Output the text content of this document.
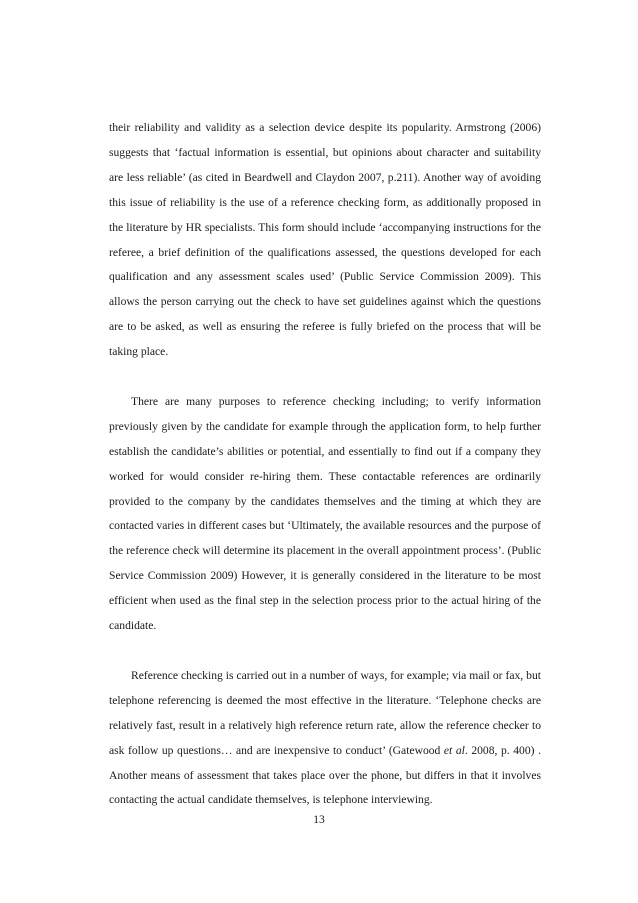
their reliability and validity as a selection device despite its popularity. Armstrong (2006) suggests that ‘factual information is essential, but opinions about character and suitability are less reliable’ (as cited in Beardwell and Claydon 2007, p.211). Another way of avoiding this issue of reliability is the use of a reference checking form, as additionally proposed in the literature by HR specialists. This form should include ‘accompanying instructions for the referee, a brief definition of the qualifications assessed, the questions developed for each qualification and any assessment scales used’ (Public Service Commission 2009). This allows the person carrying out the check to have set guidelines against which the questions are to be asked, as well as ensuring the referee is fully briefed on the process that will be taking place.

There are many purposes to reference checking including; to verify information previously given by the candidate for example through the application form, to help further establish the candidate’s abilities or potential, and essentially to find out if a company they worked for would consider re-hiring them. These contactable references are ordinarily provided to the company by the candidates themselves and the timing at which they are contacted varies in different cases but ‘Ultimately, the available resources and the purpose of the reference check will determine its placement in the overall appointment process’. (Public Service Commission 2009) However, it is generally considered in the literature to be most efficient when used as the final step in the selection process prior to the actual hiring of the candidate.

Reference checking is carried out in a number of ways, for example; via mail or fax, but telephone referencing is deemed the most effective in the literature. ‘Telephone checks are relatively fast, result in a relatively high reference return rate, allow the reference checker to ask follow up questions… and are inexpensive to conduct’ (Gatewood et al. 2008, p. 400) . Another means of assessment that takes place over the phone, but differs in that it involves contacting the actual candidate themselves, is telephone interviewing.

13
